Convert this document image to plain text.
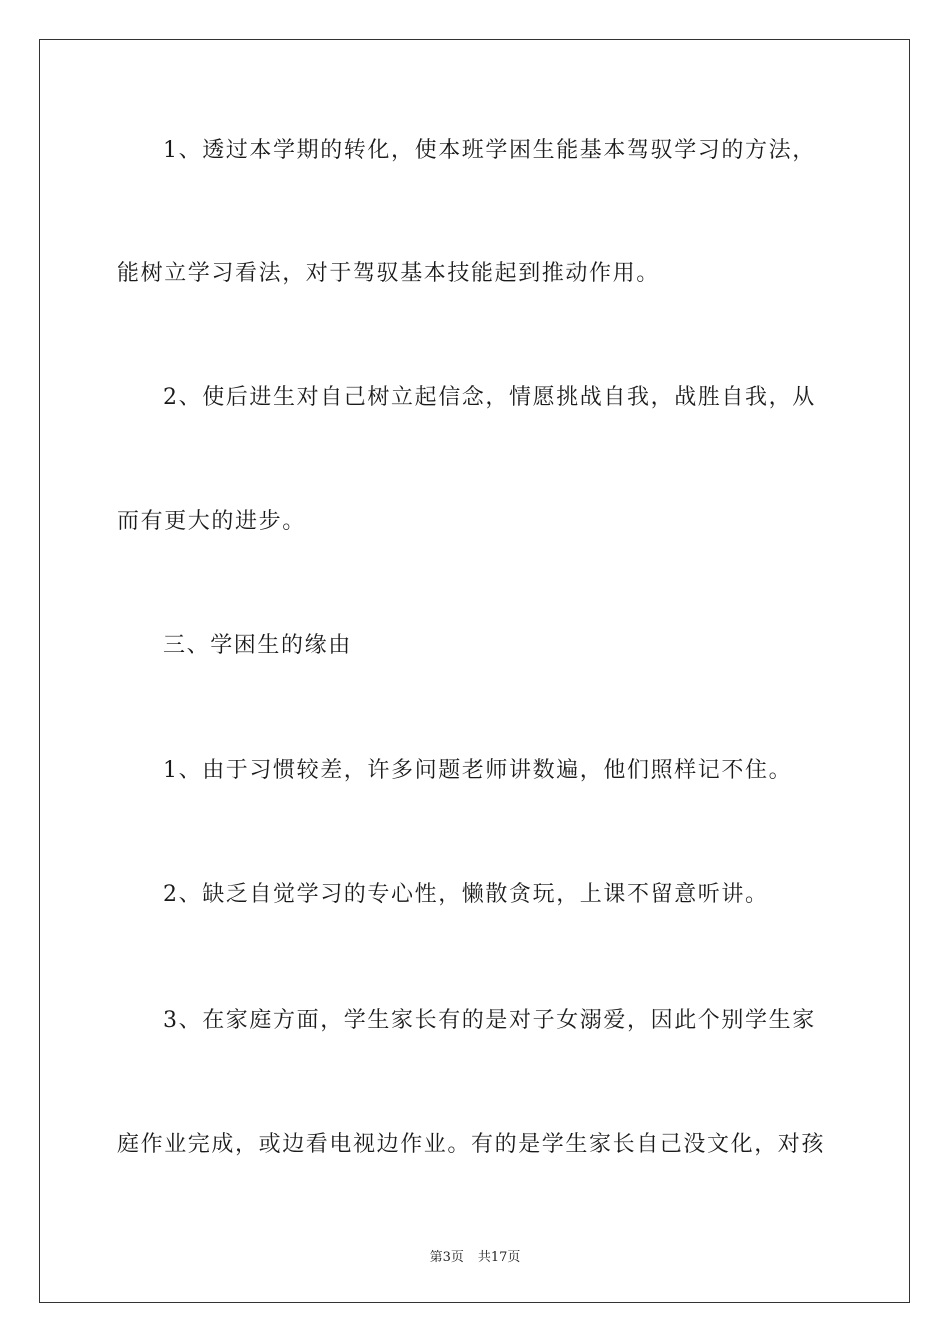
1、透过本学期的转化，使本班学困生能基本驾驭学习的方法，
能树立学习看法，对于驾驭基本技能起到推动作用。
2、使后进生对自己树立起信念，情愿挑战自我，战胜自我，从
而有更大的进步。
三、学困生的缘由
1、由于习惯较差，许多问题老师讲数遍，他们照样记不住。
2、缺乏自觉学习的专心性，懒散贪玩，上课不留意听讲。
3、在家庭方面，学生家长有的是对子女溺爱，因此个别学生家
庭作业完成，或边看电视边作业。有的是学生家长自己没文化，对孩
第3页 共17页
